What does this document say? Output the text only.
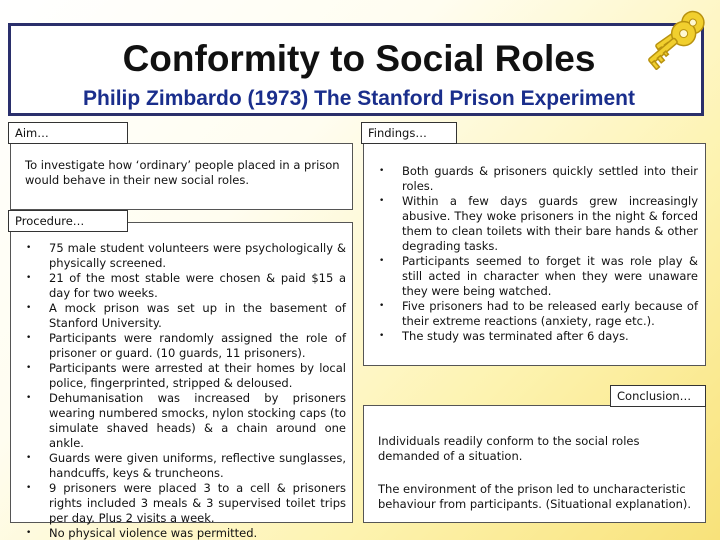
Conformity to Social Roles
Philip Zimbardo (1973) The Stanford Prison Experiment
To investigate how ‘ordinary’ people placed in a prison would behave in their new social roles.
Aim…
• 75 male student volunteers were psychologically & physically screened.
• 21 of the most stable were chosen & paid $15 a day for two weeks.
• A mock prison was set up in the basement of Stanford University.
• Participants were randomly assigned the role of prisoner or guard. (10 guards, 11 prisoners).
• Participants were arrested at their homes by local police, fingerprinted, stripped & deloused.
• Dehumanisation was increased by prisoners wearing numbered smocks, nylon stocking caps (to simulate shaved heads) & a chain around one ankle.
• Guards were given uniforms, reflective sunglasses, handcuffs, keys & truncheons.
• 9 prisoners were placed 3 to a cell & prisoners rights included 3 meals & 3 supervised toilet trips per day. Plus 2 visits a week.
• No physical violence was permitted.
Procedure…
• Both guards & prisoners quickly settled into their roles.
• Within a few days guards grew increasingly abusive. They woke prisoners in the night & forced them to clean toilets with their bare hands & other degrading tasks.
• Participants seemed to forget it was role play & still acted in character when they were unaware they were being watched.
• Five prisoners had to be released early because of their extreme reactions (anxiety, rage etc.).
• The study was terminated after 6 days.
Findings…
Individuals readily conform to the social roles demanded of a situation.
The environment of the prison led to uncharacteristic behaviour from participants. (Situational explanation).
Conclusion…
